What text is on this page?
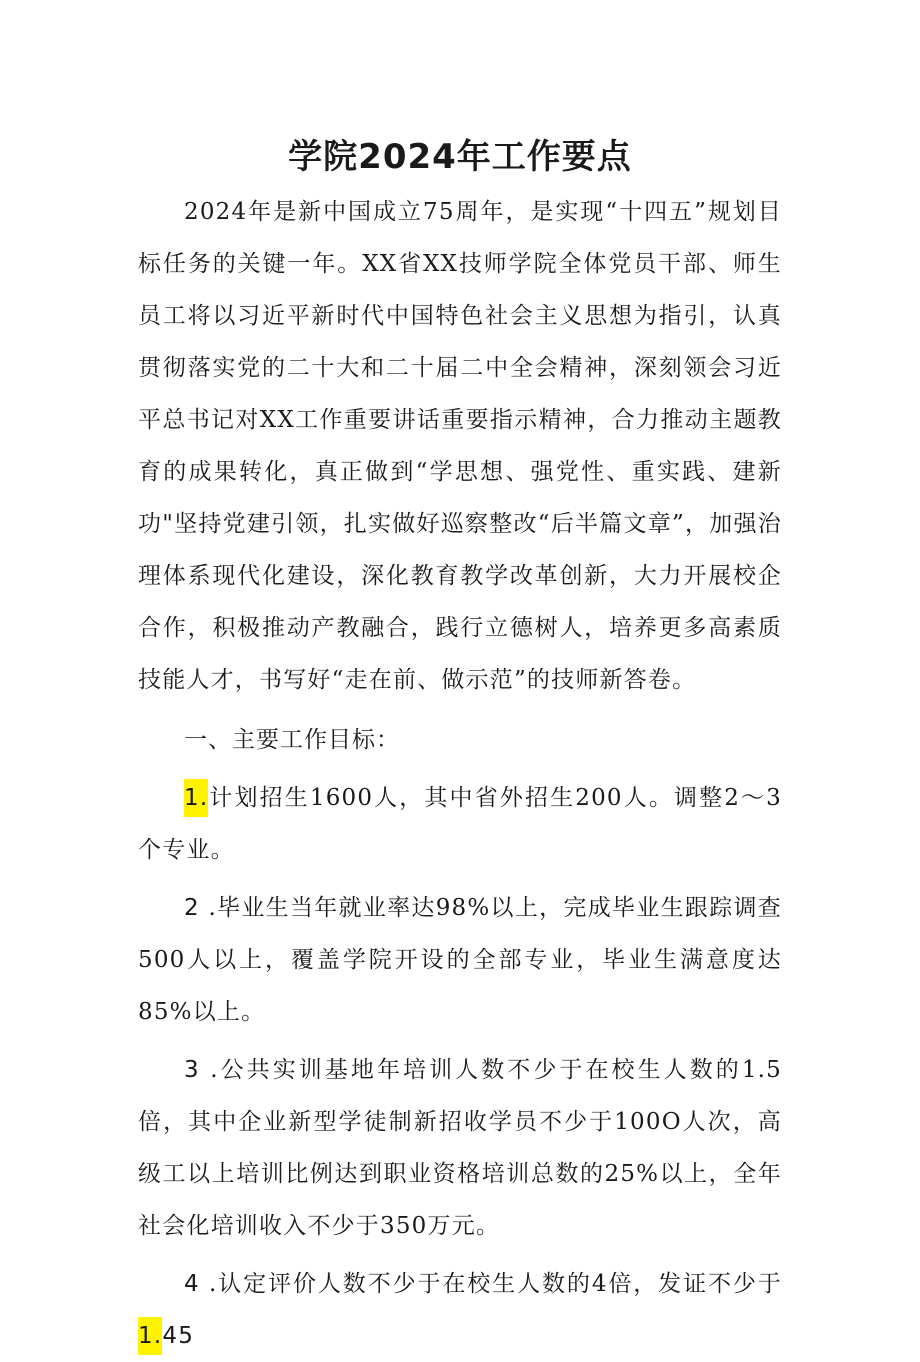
学院2024年工作要点

2024年是新中国成立75周年，是实现“十四五”规划目标任务的关键一年。XX省XX技师学院全体党员干部、师生员工将以习近平新时代中国特色社会主义思想为指引，认真贯彻落实党的二十大和二十届二中全会精神，深刻领会习近平总书记对XX工作重要讲话重要指示精神，合力推动主题教育的成果转化，真正做到“学思想、强党性、重实践、建新功"坚持党建引领，扎实做好巡察整改“后半篇文章”，加强治理体系现代化建设，深化教育教学改革创新，大力开展校企合作，积极推动产教融合，践行立德树人，培养更多高素质技能人才，书写好“走在前、做示范”的技师新答卷。

一、主要工作目标：

1.计划招生1600人，其中省外招生200人。调整2〜3个专业。

2 .毕业生当年就业率达98%以上，完成毕业生跟踪调查500人以上，覆盖学院开设的全部专业，毕业生满意度达85%以上。

3 .公共实训基地年培训人数不少于在校生人数的1.5倍，其中企业新型学徒制新招收学员不少于100O人次，高级工以上培训比例达到职业资格培训总数的25%以上，全年社会化培训收入不少于350万元。

4 .认定评价人数不少于在校生人数的4倍，发证不少于1.45
